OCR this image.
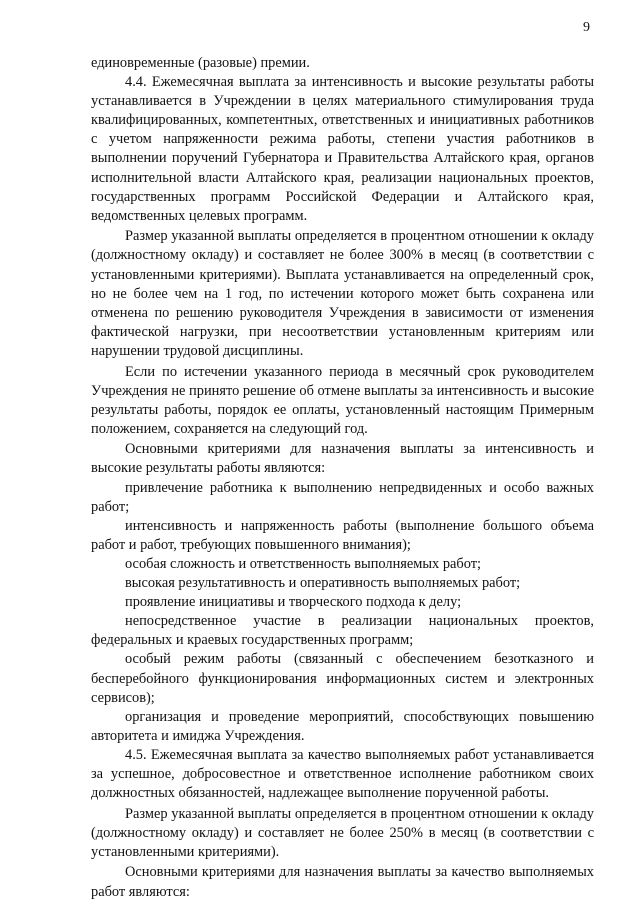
9

единовременные (разовые) премии.

4.4. Ежемесячная выплата за интенсивность и высокие результаты работы устанавливается в Учреждении в целях материального стимулирования труда квалифицированных, компетентных, ответственных и инициативных работников с учетом напряженности режима работы, степени участия работников в выполнении поручений Губернатора и Правительства Алтайского края, органов исполнительной власти Алтайского края, реализации национальных проектов, государственных программ Российской Федерации и Алтайского края, ведомственных целевых программ.

Размер указанной выплаты определяется в процентном отношении к окладу (должностному окладу) и составляет не более 300% в месяц (в соответствии с установленными критериями). Выплата устанавливается на определенный срок, но не более чем на 1 год, по истечении которого может быть сохранена или отменена по решению руководителя Учреждения в зависимости от изменения фактической нагрузки, при несоответствии установленным критериям или нарушении трудовой дисциплины.

Если по истечении указанного периода в месячный срок руководителем Учреждения не принято решение об отмене выплаты за интенсивность и высокие результаты работы, порядок ее оплаты, установленный настоящим Примерным положением, сохраняется на следующий год.

Основными критериями для назначения выплаты за интенсивность и высокие результаты работы являются:

привлечение работника к выполнению непредвиденных и особо важных работ;

интенсивность и напряженность работы (выполнение большого объема работ и работ, требующих повышенного внимания);

особая сложность и ответственность выполняемых работ;

высокая результативность и оперативность выполняемых работ;

проявление инициативы и творческого подхода к делу;

непосредственное участие в реализации национальных проектов, федеральных и краевых государственных программ;

особый режим работы (связанный с обеспечением безотказного и бесперебойного функционирования информационных систем и электронных сервисов);

организация и проведение мероприятий, способствующих повышению авторитета и имиджа Учреждения.

4.5. Ежемесячная выплата за качество выполняемых работ устанавливается за успешное, добросовестное и ответственное исполнение работником своих должностных обязанностей, надлежащее выполнение порученной работы.

Размер указанной выплаты определяется в процентном отношении к окладу (должностному окладу) и составляет не более 250% в месяц (в соответствии с установленными критериями).

Основными критериями для назначения выплаты за качество выполняемых работ являются:
